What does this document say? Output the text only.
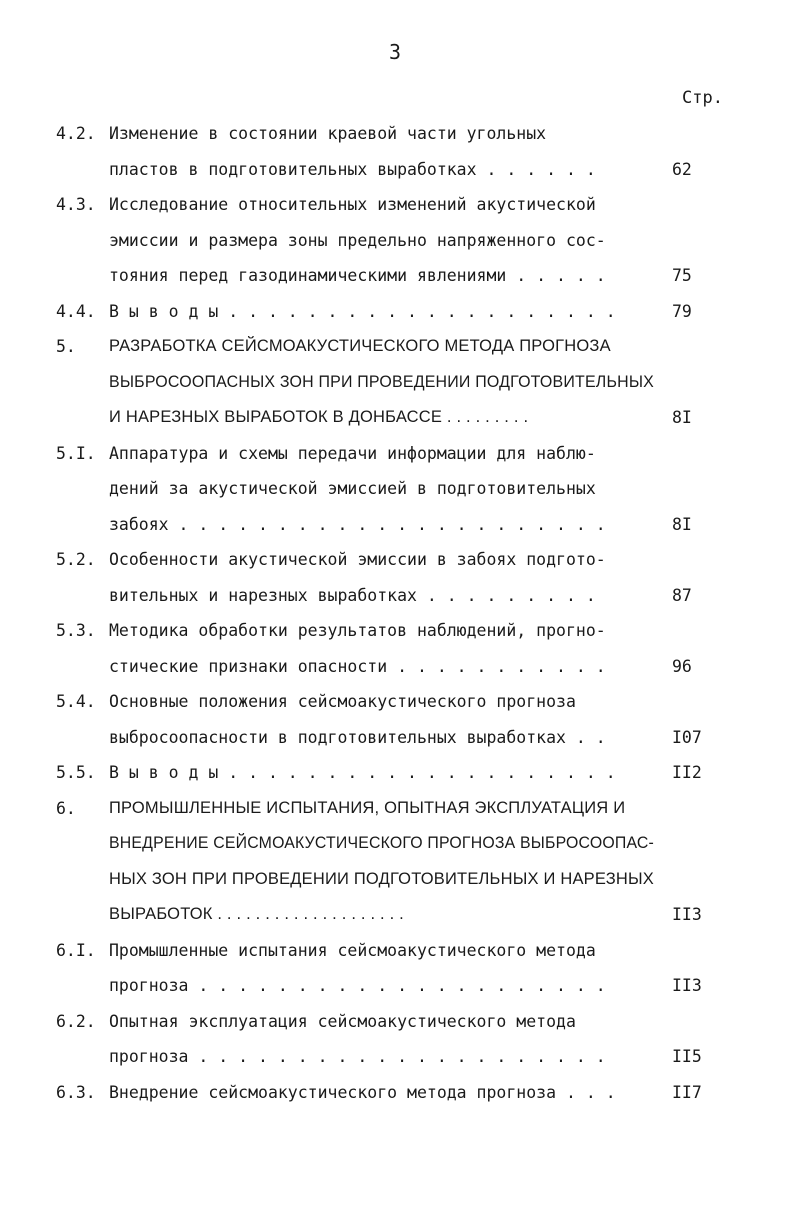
3
Стр.
4.2. Изменение в состоянии краевой части угольных
пластов в подготовительных выработках . . . . . .	62
4.3. Исследование относительных изменений акустической
эмиссии и размера зоны предельно напряженного сос-
тояния перед газодинамическими явлениями . . . . .	75
4.4. В ы в о д ы . . . . . . . . . . . . . . . . . . . .	79
5. РАЗРАБОТКА СЕЙСМОАКУСТИЧЕСКОГО МЕТОДА ПРОГНОЗА
ВЫБРОСООПАСНЫХ ЗОН ПРИ ПРОВЕДЕНИИ ПОДГОТОВИТЕЛЬНЫХ
И НАРЕЗНЫХ ВЫРАБОТОК В ДОНБАССЕ . . . . . . . . .	8I
5.I. Аппаратура и схемы передачи информации для наблю-
дений за акустической эмиссией в подготовительных
забоях . . . . . . . . . . . . . . . . . . . . . .	8I
5.2. Особенности акустической эмиссии в забоях подгото-
вительных и нарезных выработках . . . . . . . . .	87
5.3. Методика обработки результатов наблюдений, прогно-
стические признаки опасности . . . . . . . . . . .	96
5.4. Основные положения сейсмоакустического прогноза
выбросоопасности в подготовительных выработках . .	I07
5.5. В ы в о д ы . . . . . . . . . . . . . . . . . . . .	II2
6. ПРОМЫШЛЕННЫЕ ИСПЫТАНИЯ, ОПЫТНАЯ ЭКСПЛУАТАЦИЯ И
ВНЕДРЕНИЕ СЕЙСМОАКУСТИЧЕСКОГО ПРОГНОЗА ВЫБРОСООПАС-
НЫХ ЗОН ПРИ ПРОВЕДЕНИИ ПОДГОТОВИТЕЛЬНЫХ И НАРЕЗНЫХ
ВЫРАБОТОК . . . . . . . . . . . . . . . . . . . .	II3
6.I. Промышленные испытания сейсмоакустического метода
прогноза . . . . . . . . . . . . . . . . . . . . .	II3
6.2. Опытная эксплуатация сейсмоакустического метода
прогноза . . . . . . . . . . . . . . . . . . . . .	II5
6.3. Внедрение сейсмоакустического метода прогноза . . .	II7
